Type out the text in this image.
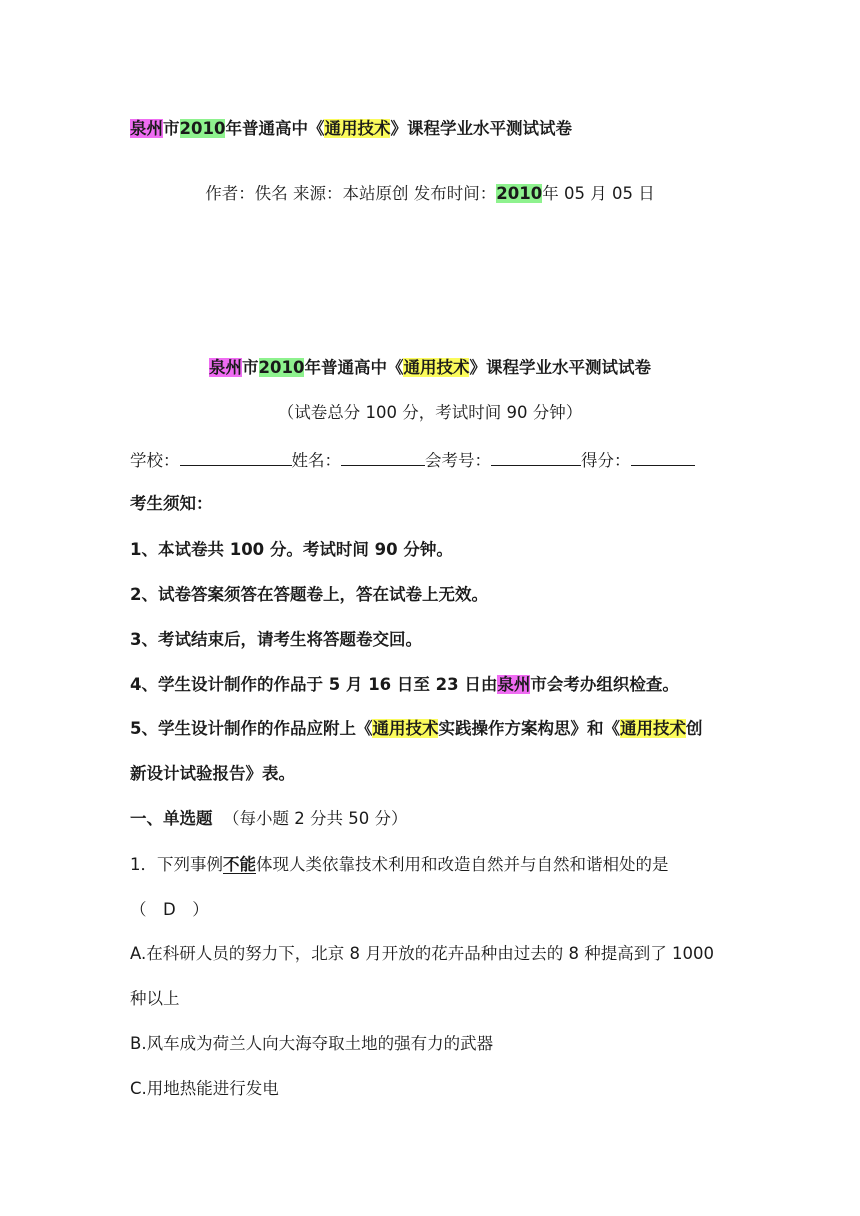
泉州市2010年普通高中《通用技术》课程学业水平测试试卷
作者：佚名 来源：本站原创 发布时间：2010年 05 月 05 日
泉州市2010年普通高中《通用技术》课程学业水平测试试卷
（试卷总分 100 分，考试时间 90 分钟）
学校：	姓名：	会考号：	得分：
考生须知：
1、本试卷共 100 分。考试时间 90 分钟。
2、试卷答案须答在答题卷上，答在试卷上无效。
3、考试结束后，请考生将答题卷交回。
4、学生设计制作的作品于 5 月 16 日至 23 日由泉州市会考办组织检查。
5、学生设计制作的作品应附上《通用技术实践操作方案构思》和《通用技术创
新设计试验报告》表。
一、单选题 （每小题 2 分共 50 分）
1．下列事例不能体现人类依靠技术利用和改造自然并与自然和谐相处的是
（　D　）
A.在科研人员的努力下，北京 8 月开放的花卉品种由过去的 8 种提高到了 1000
种以上
B.风车成为荷兰人向大海夺取土地的强有力的武器
C.用地热能进行发电
